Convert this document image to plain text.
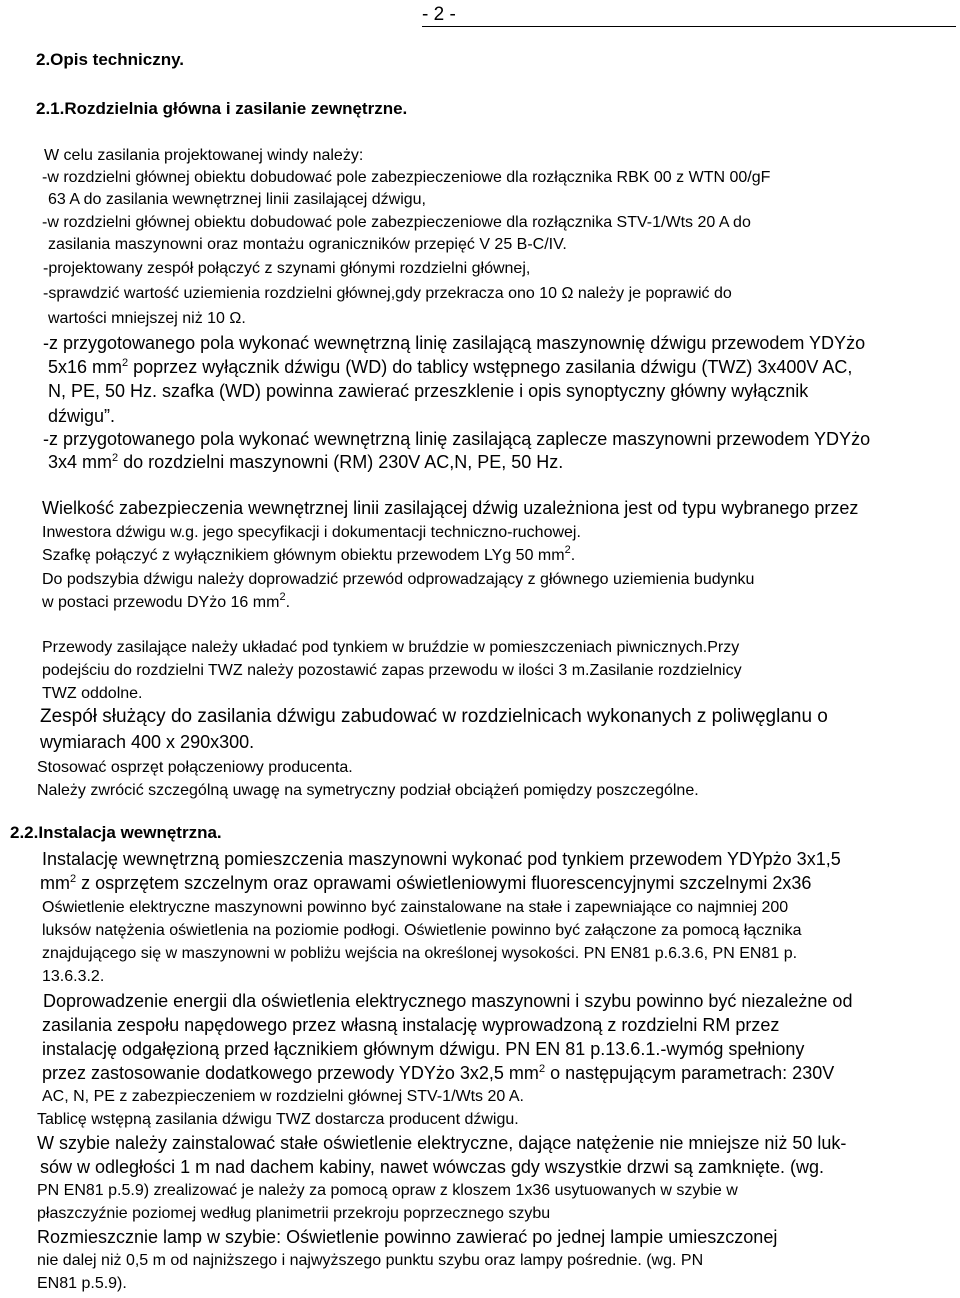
- 2 -
2.Opis techniczny.
2.1.Rozdzielnia główna i zasilanie zewnętrzne.
W celu zasilania projektowanej windy należy:
-w rozdzielni głównej obiektu dobudować pole zabezpieczeniowe dla rozłącznika RBK 00 z WTN 00/gF
63 A do zasilania wewnętrznej linii zasilającej dźwigu,
-w rozdzielni głównej obiektu dobudować pole zabezpieczeniowe dla rozłącznika STV-1/Wts 20 A do
zasilania maszynowni oraz montażu ograniczników przepięć V 25 B-C/IV.
-projektowany zespół połączyć z szynami głónymi rozdzielni głównej,
-sprawdzić wartość uziemienia rozdzielni głównej,gdy przekracza ono 10 Ω należy je poprawić do
wartości mniejszej niż 10 Ω.
-z przygotowanego pola wykonać wewnętrzną linię zasilającą maszynownię dźwigu przewodem YDYżo
5x16 $mm^2$ poprzez wyłącznik dźwigu (WD) do tablicy wstępnego zasilania dźwigu (TWZ) 3x400V AC,
N, PE, 50 Hz. szafka (WD) powinna zawierać przeszklenie i opis synoptyczny główny wyłącznik
dźwigu”.
-z przygotowanego pola wykonać wewnętrzną linię zasilającą zaplecze maszynowni przewodem YDYżo
3x4 $mm^2$ do rozdzielni maszynowni (RM) 230V AC,N, PE, 50 Hz.
Wielkość zabezpieczenia wewnętrznej linii zasilającej dźwig uzależniona jest od typu wybranego przez
Inwestora dźwigu w.g. jego specyfikacji i dokumentacji techniczno-ruchowej.
Szafkę połączyć z wyłącznikiem głównym obiektu przewodem LYg 50 $mm^2$.
Do podszybia dźwigu należy doprowadzić przewód odprowadzający z głównego uziemienia budynku
w postaci przewodu DYżo 16 $mm^2$.
Przewody zasilające należy układać pod tynkiem w bruździe w pomieszczeniach piwnicznych.Przy
podejściu do rozdzielni TWZ należy pozostawić zapas przewodu w ilości 3 m.Zasilanie rozdzielnicy
TWZ oddolne.
Zespół służący do zasilania dźwigu zabudować w rozdzielnicach wykonanych z poliwęglanu o
wymiarach 400 x 290x300.
Stosować osprzęt połączeniowy producenta.
Należy zwrócić szczególną uwagę na symetryczny podział obciążeń pomiędzy poszczególne.
2.2.Instalacja wewnętrzna.
Instalację wewnętrzną pomieszczenia maszynowni wykonać pod tynkiem przewodem YDYpżo 3x1,5
$mm^2$ z osprzętem szczelnym oraz oprawami oświetleniowymi fluorescencyjnymi szczelnymi 2x36
Oświetlenie elektryczne maszynowni powinno być zainstalowane na stałe i zapewniające co najmniej 200
luksów natężenia oświetlenia na poziomie podłogi. Oświetlenie powinno być załączone za pomocą łącznika
znajdującego się w maszynowni w pobliżu wejścia na określonej wysokości. PN EN81 p.6.3.6, PN EN81 p.
13.6.3.2.
Doprowadzenie energii dla oświetlenia elektrycznego maszynowni i szybu powinno być niezależne od
zasilania zespołu napędowego przez własną instalację wyprowadzoną z rozdzielni RM przez
instalację odgałęzioną przed łącznikiem głównym dźwigu. PN EN 81 p.13.6.1.-wymóg spełniony
przez zastosowanie dodatkowego przewody YDYżo 3x2,5 $mm^2$ o następującym parametrach: 230V
AC, N, PE z zabezpieczeniem w rozdzielni głównej STV-1/Wts 20 A.
Tablicę wstępną zasilania dźwigu TWZ dostarcza producent dźwigu.
W szybie należy zainstalować stałe oświetlenie elektryczne, dające natężenie nie mniejsze niż 50 luk-
sów w odległości 1 m nad dachem kabiny, nawet wówczas gdy wszystkie drzwi są zamknięte. (wg.
PN EN81 p.5.9) zrealizować je należy za pomocą opraw z kloszem 1x36 usytuowanych w szybie w
płaszczyźnie poziomej według planimetrii przekroju poprzecznego szybu
Rozmieszcznie lamp w szybie: Oświetlenie powinno zawierać po jednej lampie umieszczonej
nie dalej niż 0,5 m od najniższego i najwyższego punktu szybu oraz lampy pośrednie. (wg. PN
EN81 p.5.9).
